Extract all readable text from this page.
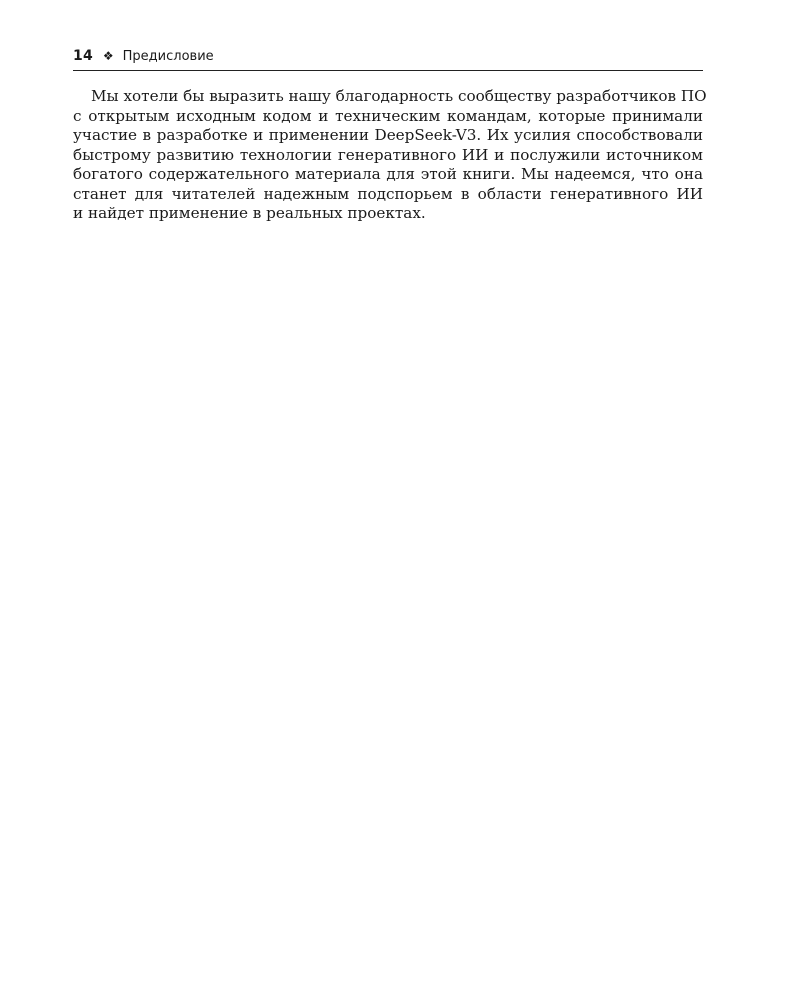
14 ❖ Предисловие
Мы хотели бы выразить нашу благодарность сообществу разработчиков ПО
с открытым исходным кодом и техническим командам, которые принимали
участие в разработке и применении DeepSeek-V3. Их усилия способствовали
быстрому развитию технологии генеративного ИИ и послужили источником
богатого содержательного материала для этой книги. Мы надеемся, что она
станет для читателей надежным подспорьем в области генеративного ИИ
и найдет применение в реальных проектах.
